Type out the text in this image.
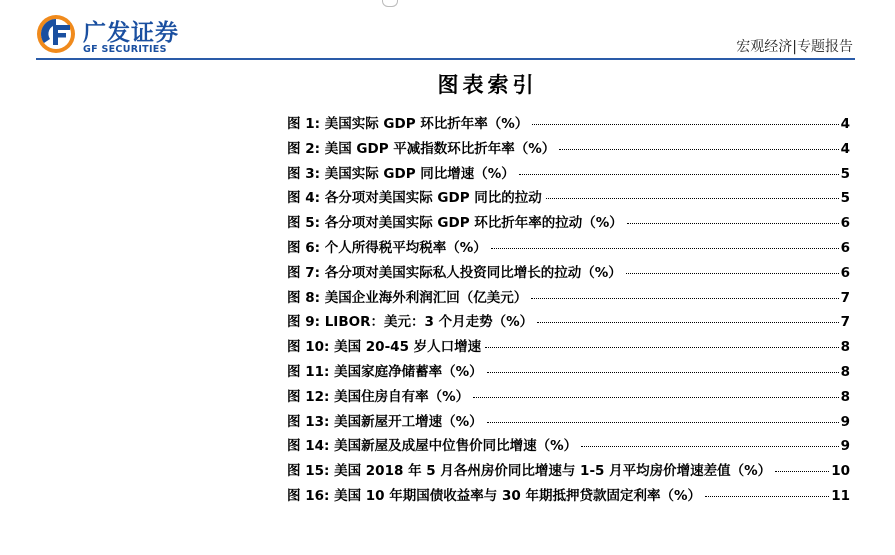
广发证券
GF SECURITIES	宏观经济|专题报告
图表索引
图 1:
美国实际 GDP 环比折年率（%）	4
图 2:
美国 GDP 平减指数环比折年率（%）	4
图 3:
美国实际 GDP 同比增速（%）	5
图 4:
各分项对美国实际 GDP 同比的拉动	5
图 5:
各分项对美国实际 GDP 环比折年率的拉动（%）	6
图 6:
个人所得税平均税率（%）	6
图 7:
各分项对美国实际私人投资同比增长的拉动（%）	6
图 8:
美国企业海外利润汇回（亿美元）	7
图 9:
LIBOR：美元：3 个月走势（%）	7
图 10:
美国 20-45 岁人口增速	8
图 11:
美国家庭净储蓄率（%）	8
图 12:
美国住房自有率（%）	8
图 13:
美国新屋开工增速（%）	9
图 14:
美国新屋及成屋中位售价同比增速（%）	9
图 15:
美国 2018 年 5 月各州房价同比增速与 1-5 月平均房价增速差值（%）	10
图 16:
美国 10 年期国债收益率与 30 年期抵押贷款固定利率（%）	11
